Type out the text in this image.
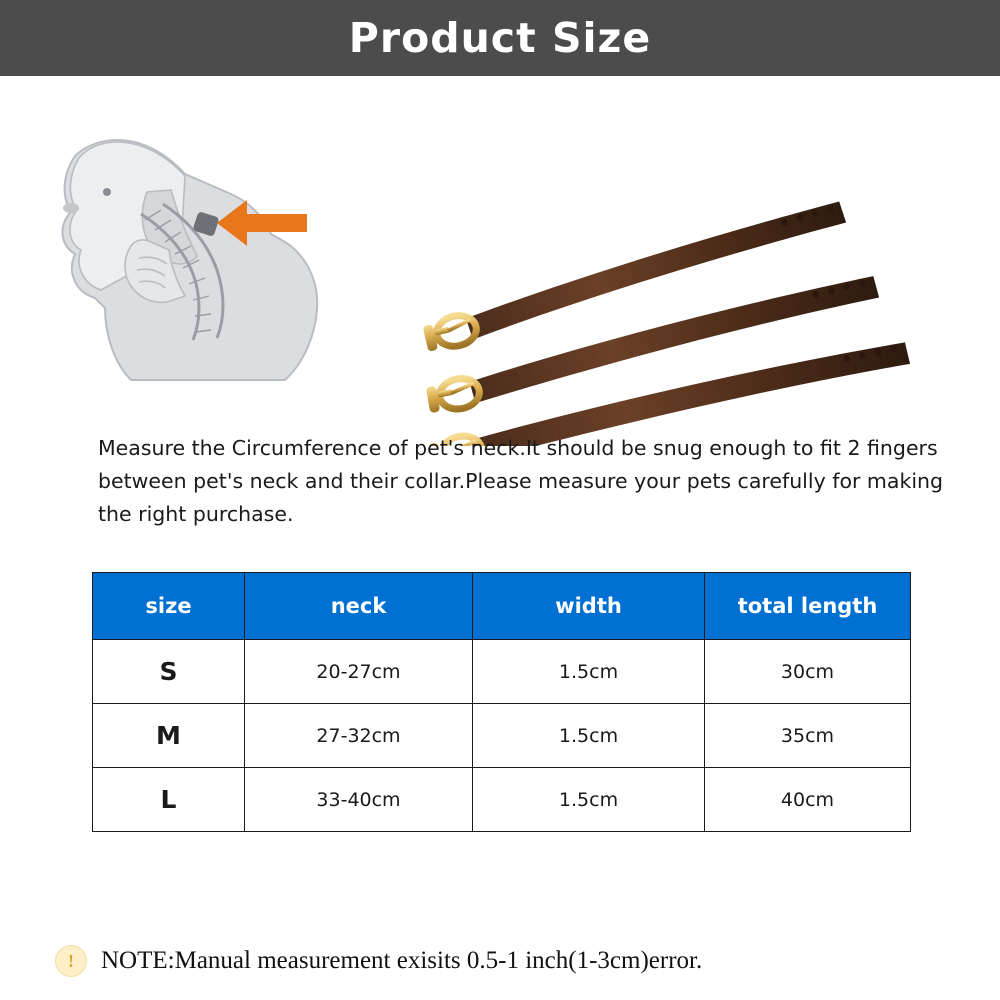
Product Size
Measure the Circumference of pet's neck.It should be snug enough to fit 2 fingers between pet's neck and their collar.Please measure your pets carefully for making the right purchase.
size	neck	width	total length
S	20-27cm	1.5cm	30cm
M	27-32cm	1.5cm	35cm
L	33-40cm	1.5cm	40cm
!	NOTE:Manual measurement exisits 0.5-1 inch(1-3cm)error.
